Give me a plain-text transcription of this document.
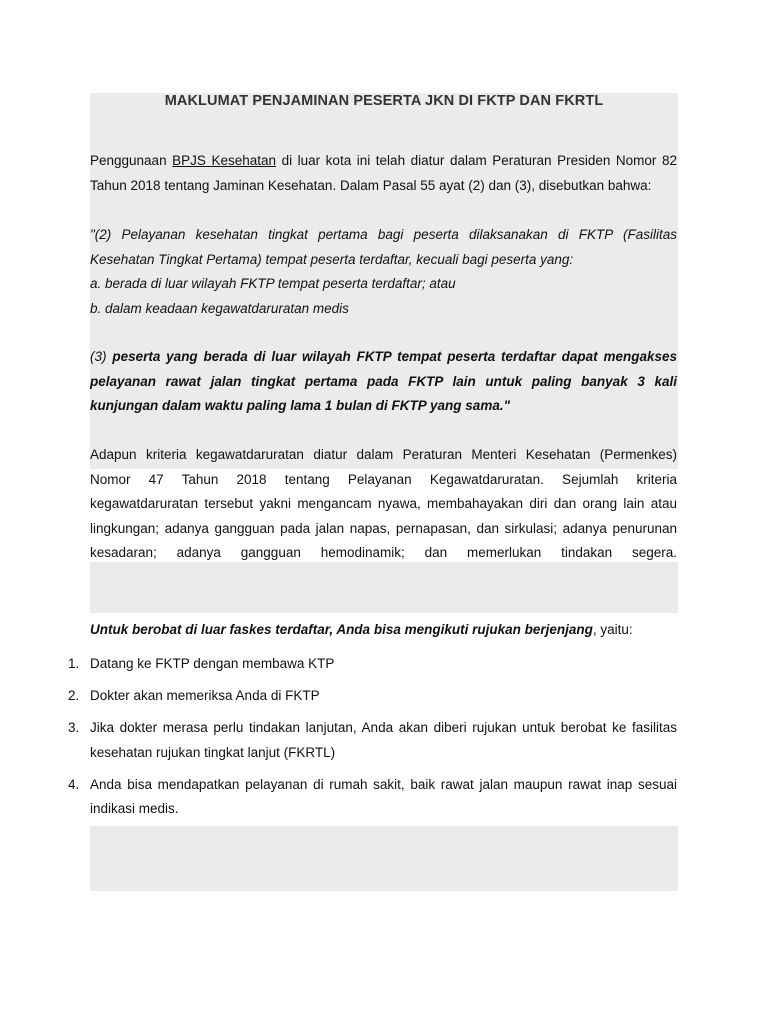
MAKLUMAT PENJAMINAN PESERTA JKN DI FKTP DAN FKRTL
Penggunaan BPJS Kesehatan di luar kota ini telah diatur dalam Peraturan Presiden Nomor 82
Tahun 2018 tentang Jaminan Kesehatan. Dalam Pasal 55 ayat (2) dan (3), disebutkan bahwa:
"(2) Pelayanan kesehatan tingkat pertama bagi peserta dilaksanakan di FKTP (Fasilitas
Kesehatan Tingkat Pertama) tempat peserta terdaftar, kecuali bagi peserta yang:
a. berada di luar wilayah FKTP tempat peserta terdaftar; atau
b. dalam keadaan kegawatdaruratan medis
(3) peserta yang berada di luar wilayah FKTP tempat peserta terdaftar dapat mengakses
pelayanan rawat jalan tingkat pertama pada FKTP lain untuk paling banyak 3 kali
kunjungan dalam waktu paling lama 1 bulan di FKTP yang sama."
Adapun kriteria kegawatdaruratan diatur dalam Peraturan Menteri Kesehatan (Permenkes)
Nomor 47 Tahun 2018 tentang Pelayanan Kegawatdaruratan. Sejumlah kriteria
kegawatdaruratan tersebut yakni mengancam nyawa, membahayakan diri dan orang lain atau
lingkungan; adanya gangguan pada jalan napas, pernapasan, dan sirkulasi; adanya penurunan
kesadaran; adanya gangguan hemodinamik; dan memerlukan tindakan segera.
Untuk berobat di luar faskes terdaftar, Anda bisa mengikuti rujukan berjenjang, yaitu:
1. Datang ke FKTP dengan membawa KTP
2. Dokter akan memeriksa Anda di FKTP
3. Jika dokter merasa perlu tindakan lanjutan, Anda akan diberi rujukan untuk berobat ke fasilitas
kesehatan rujukan tingkat lanjut (FKRTL)
4. Anda bisa mendapatkan pelayanan di rumah sakit, baik rawat jalan maupun rawat inap sesuai
indikasi medis.
